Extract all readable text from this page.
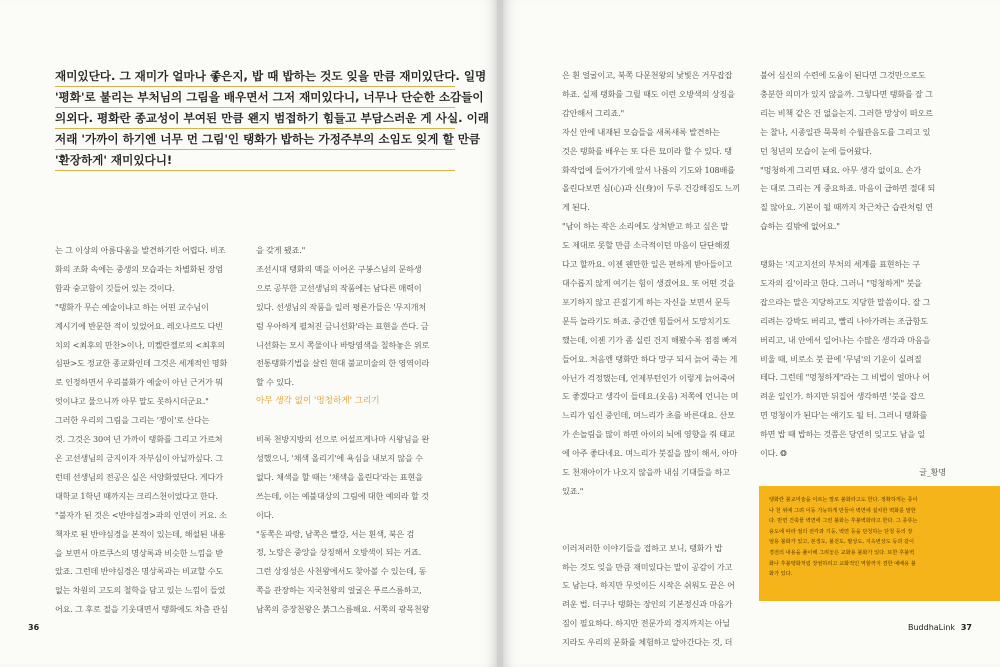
재미있단다. 그 재미가 얼마나 좋은지, 밥 때 밥하는 것도 잊을 만큼 재미있단다. 일명
'평화'로 불리는 부처님의 그림을 배우면서 그저 재미있다니, 너무나 단순한 소감들이
의외다. 평화란 종교성이 부여된 만큼 왠지 범접하기 힘들고 부담스러운 게 사실. 이래
저래 '가까이 하기엔 너무 먼 그림'인 탱화가 밥하는 가정주부의 소임도 잊게 할 만큼
'환장하게' 재미있다니!

는 그 이상의 아름다움을 발견하기란 어렵다. 비조
화의 조화 속에는 중생의 모습과는 차별화된 장엄
함과 숭고함이 깃들어 있는 것이다.
"탱화가 무슨 예술이냐고 하는 어떤 교수님이
계시기에 반문한 적이 있었어요. 레오나르도 다빈
치의 <최후의 만찬>이나, 미켈란젤로의 <최후의
심판>도 정교한 종교화인데 그것은 세계적인 명화
로 인정하면서 우리불화가 예술이 아닌 근거가 뭐
엇이냐고 물으니까 아무 말도 못하시더군요."
그러한 우리의 그림을 그리는 '쟁이'로 산다는
것. 그것은 30여 년 가까이 탱화를 그리고 가르쳐
온 고선생님의 긍지이자 자부심이 아닐까싶다. 그
런데 선생님의 전공은 실은 서양화였단다. 게다가
대학교 1학년 때까지는 크리스천이었다고 한다.
"불자가 된 것은 <반야심경>과의 인연이 커요. 소
책자로 된 반야심경을 본적이 있는데, 해설된 내용
을 보면서 마르쿠스의 명상록과 비슷한 느낌을 받
았죠. 그런데 반야심경은 명상록과는 비교할 수도
없는 차원의 고도의 철학을 담고 있는 느낌이 들었
어요. 그 후로 절을 기웃대면서 탱화에도 차츰 관심
을 갖게 됐죠."
조선시대 탱화의 맥을 이어온 구봉스님의 문하생
으로 공부한 고선생님의 작품에는 남다른 매력이
있다. 선생님의 작품을 일러 평론가들은 '무지개처
럼 우아하게 펼쳐진 금니선화'라는 표현을 쓴다. 금
니선화는 모시 쪽물이나 바탕염색을 칠하놓은 위로
전통탱화기법을 살린 현대 불교미술의 한 영역이라
할 수 있다.
아무 생각 없이 '멍청하게' 그리기
비록 천방지방의 선으로 어설프게나마 시왕님을 완
성했으니, '채색 올리기'에 욕심을 내보지 않을 수
없다. 채색을 할 때는 '채색을 올린다'라는 표현을
쓰는데, 이는 예불대상의 그림에 대한 예의라 할 것
이다.
"동쪽은 파랑, 남쪽은 빨강, 서는 흰색, 북은 검
정, 노랑은 중앙을 상징해서 오방색이 되는 거죠.
그런 상징성은 사천왕에서도 찾아볼 수 있는데, 동
쪽을 관장하는 지국천왕의 얼굴은 푸르스름하고,
남쪽의 증장천왕은 붉그스름해요. 서쪽의 광목천왕
36
은 흰 얼굴이고, 북쪽 다문천왕의 낯빛은 거무잡잡
하죠. 실제 탱화를 그릴 때도 이런 오방색의 상징을
감안해서 그리죠."
자신 안에 내재된 모습들을 새록새록 발견하는
것은 탱화를 배우는 또 다른 묘미라 할 수 있다. 탱
화작업에 들어가기에 앞서 나름의 기도와 108배를
올린다보면 심(心)과 신(身)이 두루 건강해짐도 느끼
게 된다.
"남이 하는 작은 소리에도 상처받고 하고 싶은 말
도 제대로 못할 만큼 소극적이던 마음이 단단해졌
다고 할까요. 이젠 웬만한 일은 편하게 받아들이고
대수롭지 않게 여기는 힘이 생겼어요. 또 어떤 것을
포기하지 않고 끈질기게 하는 자신을 보면서 문득
문득 놀라기도 하죠. 중간엔 힘들어서 도망치기도
했는데, 이젠 기가 좀 실린 건지 해봤수록 점점 빠져
들어요. 처음엔 탱화만 하다 망구 되서 늙어 죽는 게
아닌가 걱정했는데, 언제부턴인가 이렇게 늙어죽어
도 좋겠다고 생각이 들데요.(웃음) 저쪽에 언니는 며
느리가 임신 중인데, 며느리가 초를 바른대요. 산모
가 손놀림을 많이 하면 아이의 뇌에 영향을 줘 태교
에 아주 좋다네요. 며느리가 붓질을 많이 해서, 아마
도 천재아이가 나오지 않을까 내심 기대들을 하고
있죠."
이러저러한 이야기들을 접하고 보니, 탱화가 밥
하는 것도 잊을 만큼 재미있다는 말이 공감이 가고
도 남는다. 하지만 무엇이든 시작은 쉬워도 끝은 어
려운 법. 더구나 탱화는 장인의 기본정신과 마음가
짐이 필요하다. 하지만 전문가의 경지까지는 아닐
지라도 우리의 문화를 체험하고 알아간다는 것, 더
불어 심신의 수련에 도움이 된다면 그것만으로도
충분한 의미가 있지 않을까. 그렇다면 탱화를 잘 그
리는 비책 같은 건 없을는지. 그러한 망상이 떠오르
는 찰나, 시종일관 묵묵히 수월관음도를 그리고 있
던 청년의 모습이 눈에 들어왔다.
"멍청하게 그리면 돼요. 아무 생각 없이요. 손가
는 대로 그리는 게 중요하죠. 마음이 급하면 절대 되
질 않아요. 기본이 될 때까지 차근차근 습관처럼 연
습하는 길밖에 없어요."
탱화는 '지고지선의 부처의 세계를 표현하는 구
도자의 길'이라고 한다. 그러니 "멍청하게" 붓을
잡으라는 말은 지당하고도 지당한 말씀이다. 잘 그
리려는 강박도 버리고, 빨리 나아가려는 조급함도
버리고, 내 안에서 일어나는 수많은 생각과 마음을
비울 때, 비로소 붓 끝에 '무념'의 기운이 실려질
테다. 그런데 "멍청하게"라는 그 비법이 얼마나 어
려운 일인가. 하지만 뒤집어 생각하면 '붓을 잡으
면 멍청이가 된다'는 얘기도 될 터. 그러니 탱화를
하면 밥 때 밥하는 것쯤은 당연히 잊고도 남을 일
이다. ❂
글_황명

탱화란 불교미술을 이르는 말로 불화라고도 한다. 정확하게는 종이
나 천 위에 그려 이동 가능하게 만들어 벽면에 설치한 벽화를 말한
다. 반면 건축물 벽면에 그린 불화는 후불벽화라고 한다. 그 종류는
용도에 따라 절의 전각과 기둥, 벽면 등을 단청하는 단청 등의 장
엄용 불화가 있고, 본생도, 불전도, 팔상도, 지옥변상도 등과 같이
경전의 내용을 풀이해 그려놓은 교화용 불화가 있다. 또한 후불벽
화나 후불탱화처럼 장엄하리고 교화적인 역할까지 겸한 예배용 불
화가 있다.

BuddhaLink 37
